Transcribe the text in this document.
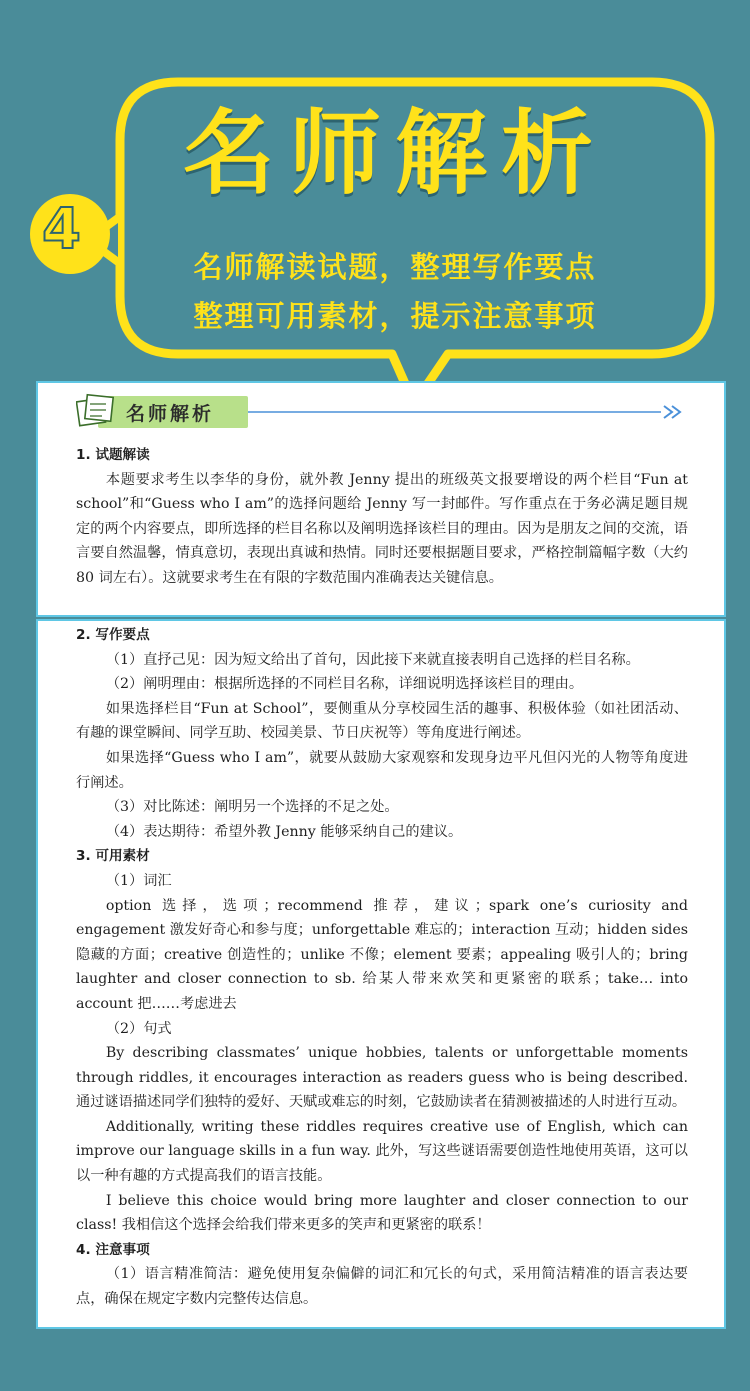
4
名师解析
名师解读试题，整理写作要点
整理可用素材，提示注意事项
名师解析

1. 试题解读

本题要求考生以李华的身份，就外教 Jenny 提出的班级英文报要增设的两个栏目“Fun at school”和“Guess who I am”的选择问题给 Jenny 写一封邮件。写作重点在于务必满足题目规定的两个内容要点，即所选择的栏目名称以及阐明选择该栏目的理由。因为是朋友之间的交流，语言要自然温馨，情真意切，表现出真诚和热情。同时还要根据题目要求，严格控制篇幅字数（大约 80 词左右）。这就要求考生在有限的字数范围内准确表达关键信息。

2. 写作要点

（1）直抒己见：因为短文给出了首句，因此接下来就直接表明自己选择的栏目名称。

（2）阐明理由：根据所选择的不同栏目名称，详细说明选择该栏目的理由。

如果选择栏目“Fun at School”，要侧重从分享校园生活的趣事、积极体验（如社团活动、有趣的课堂瞬间、同学互助、校园美景、节日庆祝等）等角度进行阐述。

如果选择“Guess who I am”，就要从鼓励大家观察和发现身边平凡但闪光的人物等角度进行阐述。

（3）对比陈述：阐明另一个选择的不足之处。

（4）表达期待：希望外教 Jenny 能够采纳自己的建议。

3. 可用素材

（1）词汇

option 选择，选项；recommend 推荐，建议；spark one’s curiosity and engagement 激发好奇心和参与度；unforgettable 难忘的；interaction 互动；hidden sides 隐藏的方面；creative 创造性的；unlike 不像；element 要素；appealing 吸引人的；bring laughter and closer connection to sb. 给某人带来欢笑和更紧密的联系；take… into account 把……考虑进去

（2）句式

By describing classmates’ unique hobbies, talents or unforgettable moments through riddles, it encourages interaction as readers guess who is being described. 通过谜语描述同学们独特的爱好、天赋或难忘的时刻，它鼓励读者在猜测被描述的人时进行互动。

Additionally, writing these riddles requires creative use of English, which can improve our language skills in a fun way. 此外，写这些谜语需要创造性地使用英语，这可以以一种有趣的方式提高我们的语言技能。

I believe this choice would bring more laughter and closer connection to our class! 我相信这个选择会给我们带来更多的笑声和更紧密的联系！

4. 注意事项

（1）语言精准简洁：避免使用复杂偏僻的词汇和冗长的句式，采用简洁精准的语言表达要点，确保在规定字数内完整传达信息。
